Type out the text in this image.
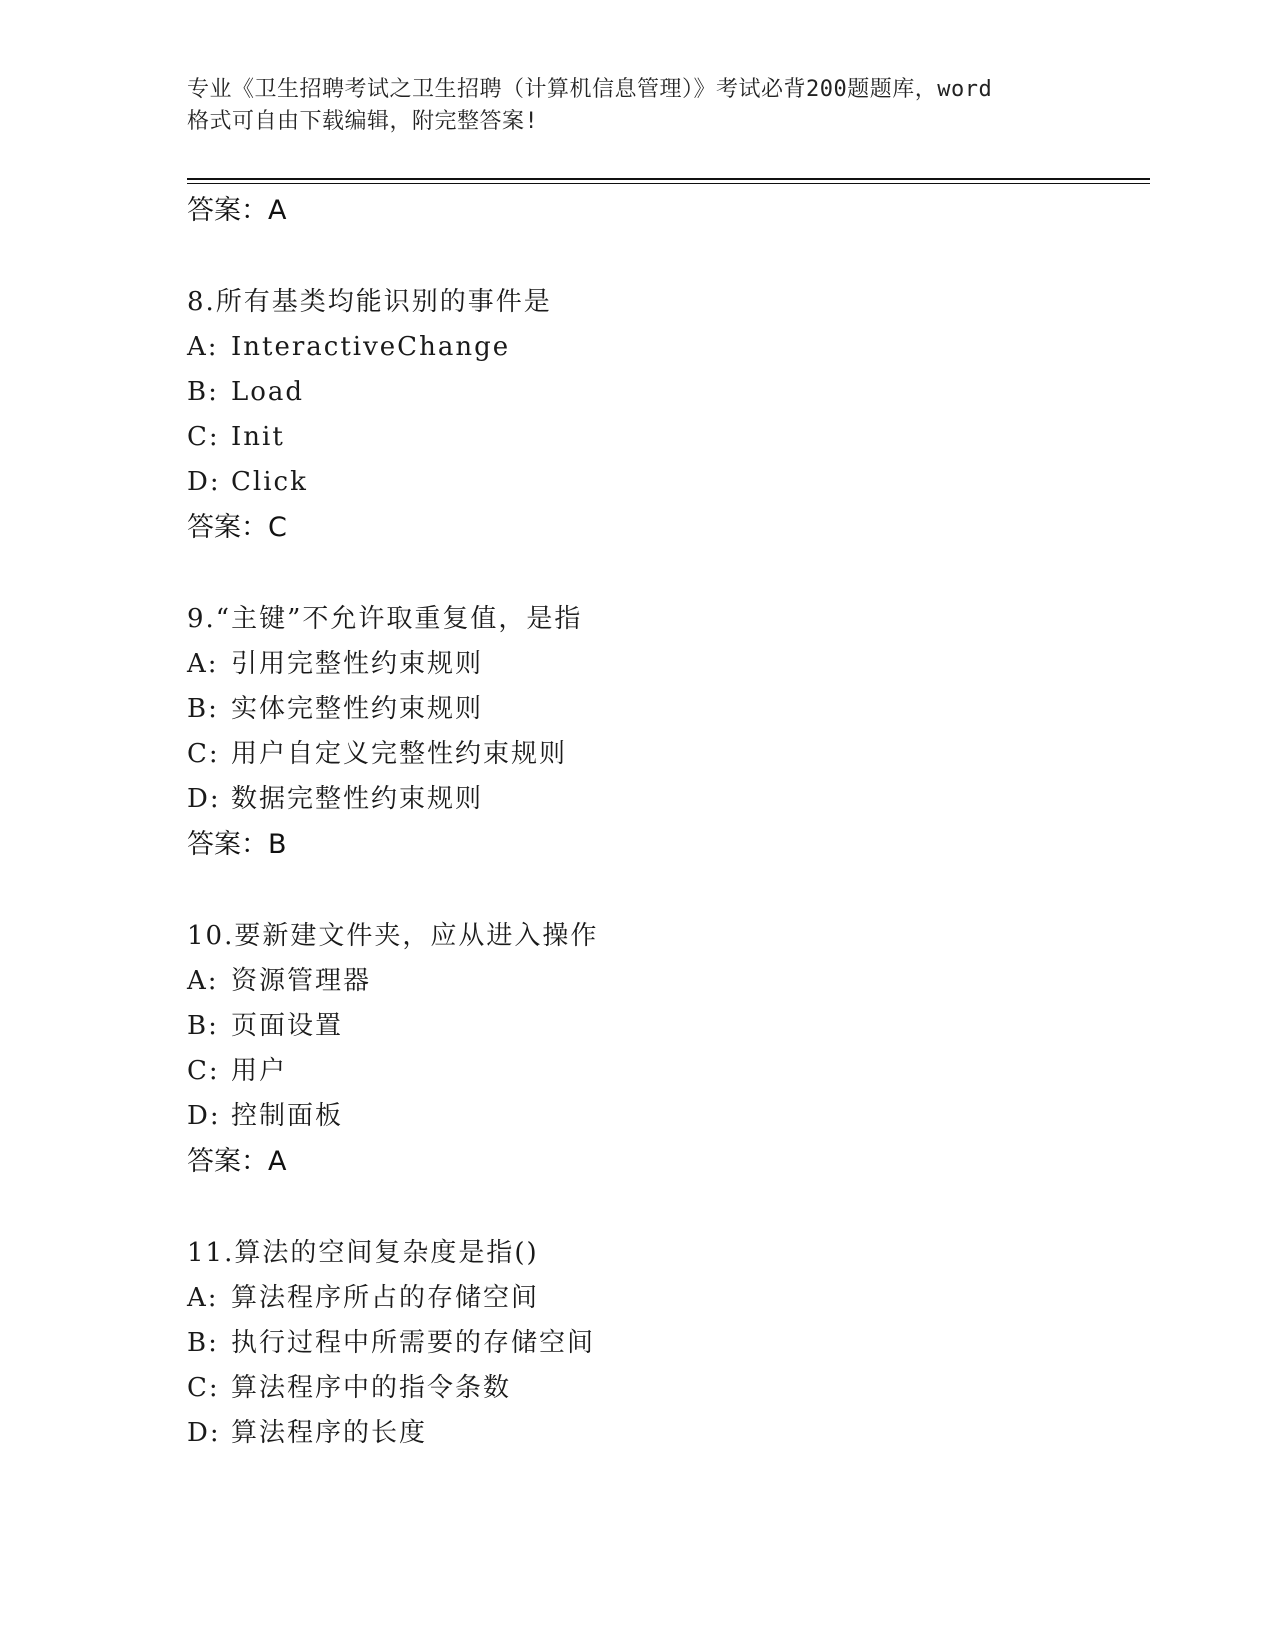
专业《卫生招聘考试之卫生招聘（计算机信息管理）》考试必背200题题库，word
格式可自由下载编辑，附完整答案!
答案：A
8.所有基类均能识别的事件是
A: InteractiveChange
B: Load
C: Init
D: Click
答案：C
9.“主键”不允许取重复值，是指
A: 引用完整性约束规则
B: 实体完整性约束规则
C: 用户自定义完整性约束规则
D: 数据完整性约束规则
答案：B
10.要新建文件夹，应从进入操作
A: 资源管理器
B: 页面设置
C: 用户
D: 控制面板
答案：A
11.算法的空间复杂度是指()
A: 算法程序所占的存储空间
B: 执行过程中所需要的存储空间
C: 算法程序中的指令条数
D: 算法程序的长度
